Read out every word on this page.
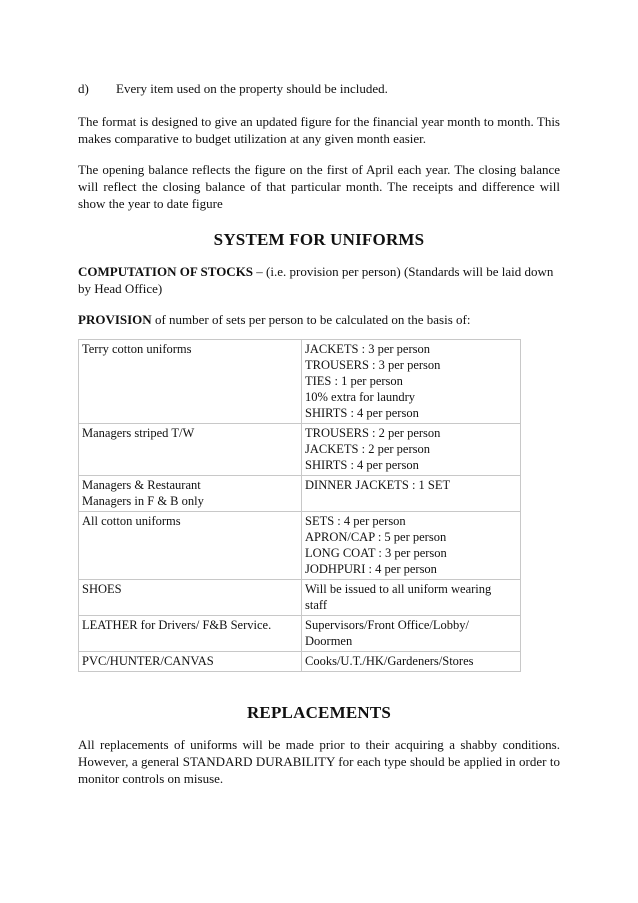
d)	Every item used on the property should be included.

The format is designed to give an updated figure for the financial year month to month. This makes comparative to budget utilization at any given month easier.

The opening balance reflects the figure on the first of April each year. The closing balance will reflect the closing balance of that particular month. The receipts and difference will show the year to date figure

SYSTEM FOR UNIFORMS

COMPUTATION OF STOCKS – (i.e. provision per person) (Standards will be laid down by Head Office)

PROVISION of number of sets per person to be calculated on the basis of:

Terry cotton uniforms	JACKETS : 3 per person
TROUSERS : 3 per person
TIES : 1 per person
10% extra for laundry
SHIRTS : 4 per person

Managers striped T/W	TROUSERS : 2 per person
JACKETS : 2 per person
SHIRTS : 4 per person

Managers & Restaurant
Managers in F & B only	DINNER JACKETS : 1 SET

All cotton uniforms	SETS : 4 per person
APRON/CAP : 5 per person
LONG COAT : 3 per person
JODHPURI : 4 per person

SHOES	Will be issued to all uniform wearing
staff

LEATHER for Drivers/ F&B Service.	Supervisors/Front Office/Lobby/
Doormen

PVC/HUNTER/CANVAS	Cooks/U.T./HK/Gardeners/Stores
REPLACEMENTS

All replacements of uniforms will be made prior to their acquiring a shabby conditions. However, a general STANDARD DURABILITY for each type should be applied in order to monitor controls on misuse.
